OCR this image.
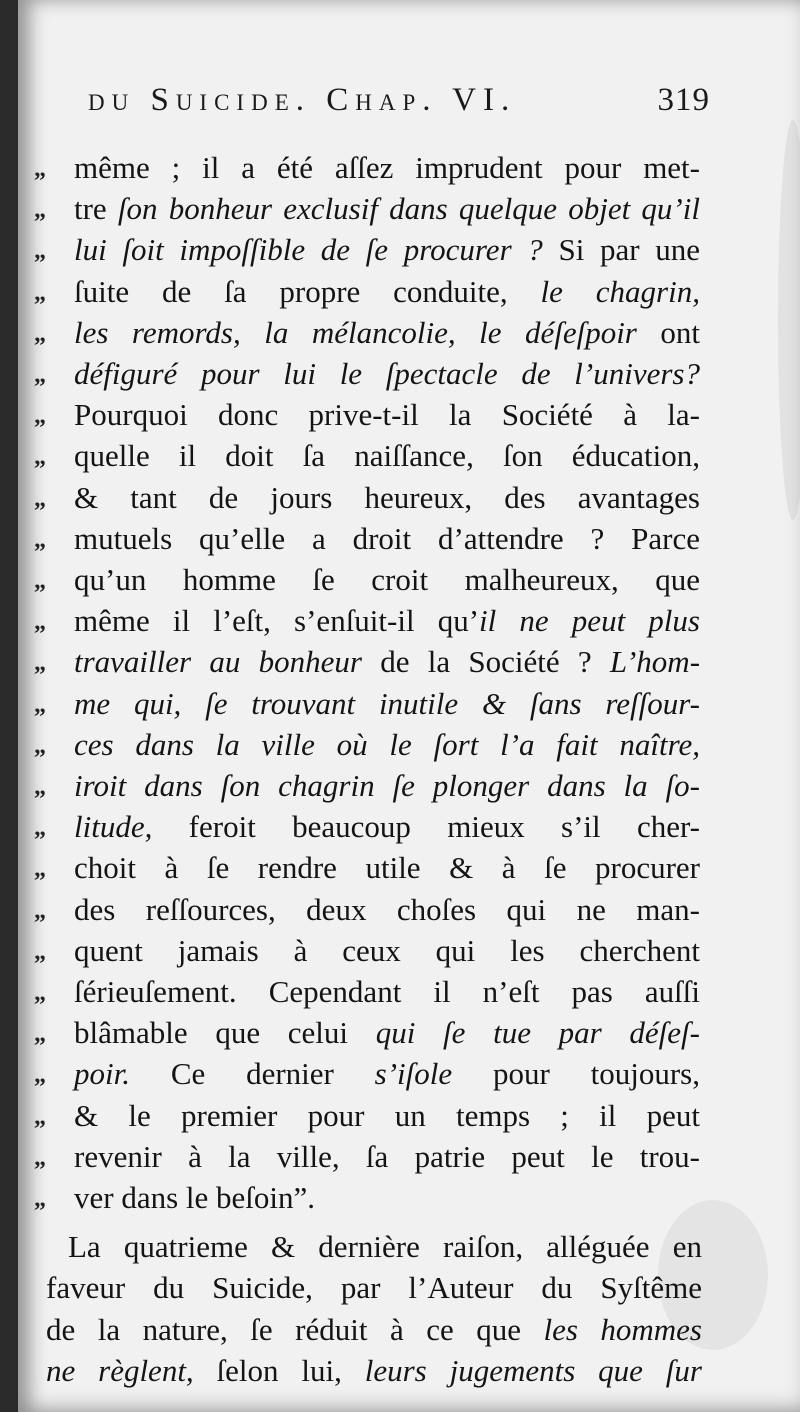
du Suicide. Chap. VI.	319
„ même ; il a été aſſez imprudent pour met-
„ tre ſon bonheur exclusif dans quelque objet qu’il
„ lui ſoit impoſſible de ſe procurer ? Si par une
„ ſuite de ſa propre conduite, le chagrin,
„ les remords, la mélancolie, le déſeſpoir ont
„ défiguré pour lui le ſpectacle de l’univers?
„ Pourquoi donc prive-t-il la Société à la-
„ quelle il doit ſa naiſſance, ſon éducation,
„ & tant de jours heureux, des avantages
„ mutuels qu’elle a droit d’attendre ? Parce
„ qu’un homme ſe croit malheureux, que
„ même il l’eſt, s’enſuit-il qu’il ne peut plus
„ travailler au bonheur de la Société ? L’hom-
„ me qui, ſe trouvant inutile & ſans reſſour-
„ ces dans la ville où le ſort l’a fait naître,
„ iroit dans ſon chagrin ſe plonger dans la ſo-
„ litude, feroit beaucoup mieux s’il cher-
„ choit à ſe rendre utile & à ſe procurer
„ des reſſources, deux choſes qui ne man-
„ quent jamais à ceux qui les cherchent
„ ſérieuſement. Cependant il n’eſt pas auſſi
„ blâmable que celui qui ſe tue par déſeſ-
„ poir. Ce dernier s’iſole pour toujours,
„ & le premier pour un temps ; il peut
„ revenir à la ville, ſa patrie peut le trou-
„ ver dans le beſoin”.
La quatrieme & dernière raiſon, alléguée en
faveur du Suicide, par l’Auteur du Syſtême
de la nature, ſe réduit à ce que les hommes
ne règlent, ſelon lui, leurs jugements que ſur
